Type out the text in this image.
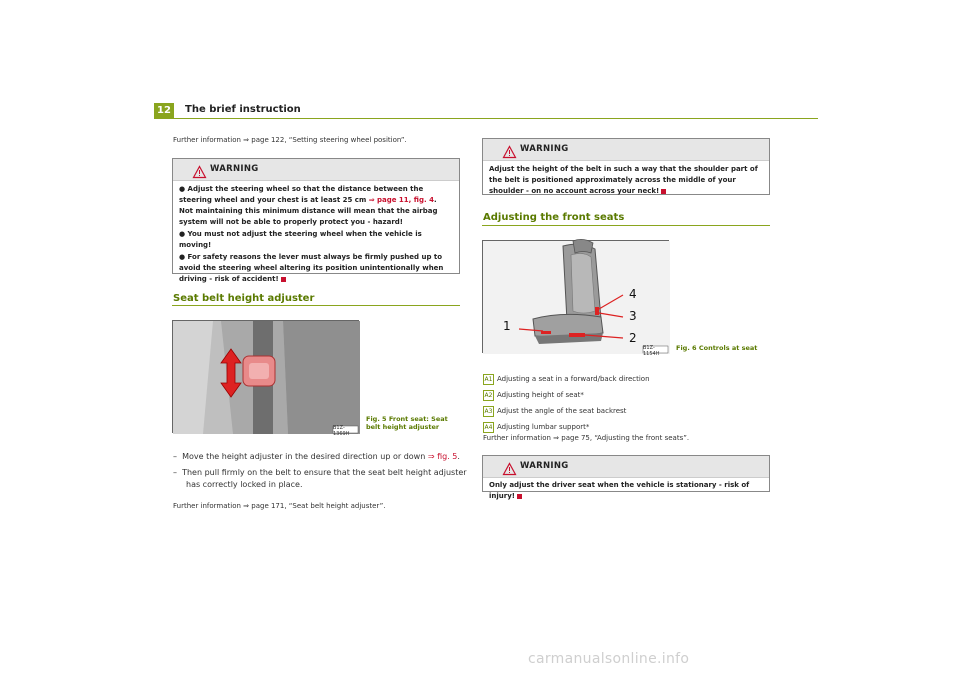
12	The brief instruction
Further information ⇒ page 122, “Setting steering wheel position”.
WARNING

● Adjust the steering wheel so that the distance between the steering wheel and your chest is at least 25 cm ⇒ page 11, fig. 4. Not maintaining this minimum distance will mean that the airbag system will not be able to properly protect you - hazard!

● You must not adjust the steering wheel when the vehicle is moving!

● For safety reasons the lever must always be firmly pushed up to avoid the steering wheel altering its position unintentionally when driving - risk of accident!

Seat belt height adjuster
B1Z-1369H
Fig. 5 Front seat: Seat belt height adjuster
– Move the height adjuster in the desired direction up or down ⇒ fig. 5.
– Then pull firmly on the belt to ensure that the seat belt height adjuster has correctly locked in place.
Further information ⇒ page 171, “Seat belt height adjuster”.
WARNING
Adjust the height of the belt in such a way that the shoulder part of the belt is positioned approximately across the middle of your shoulder - on no account across your neck!
Adjusting the front seats
1
2
3
4
B1Z-1154H
Fig. 6 Controls at seat
A1 Adjusting a seat in a forward/back direction
A2 Adjusting height of seat*
A3 Adjust the angle of the seat backrest
A4 Adjusting lumbar support*
Further information ⇒ page 75, “Adjusting the front seats”.
WARNING
Only adjust the driver seat when the vehicle is stationary - risk of injury!
carmanualsonline.info
